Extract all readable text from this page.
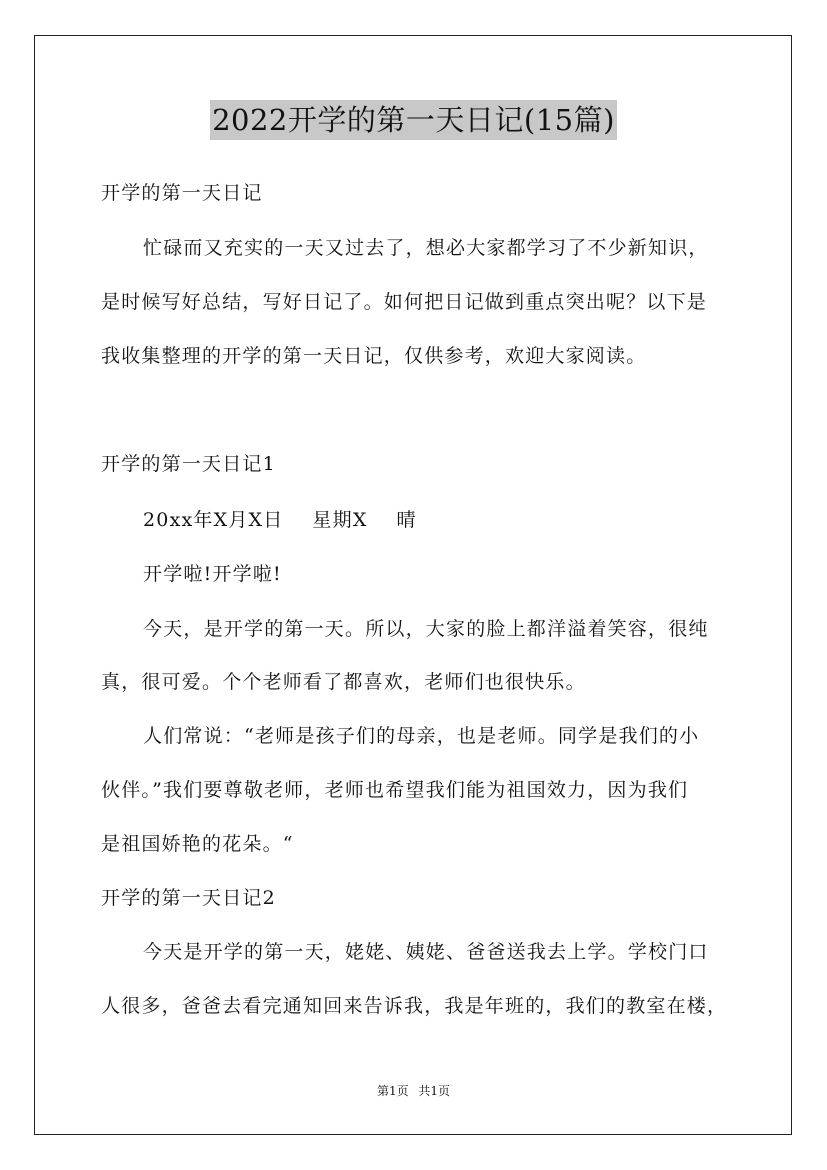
2022开学的第一天日记(15篇)
开学的第一天日记
忙碌而又充实的一天又过去了，想必大家都学习了不少新知识，
是时候写好总结，写好日记了。如何把日记做到重点突出呢？以下是
我收集整理的开学的第一天日记，仅供参考，欢迎大家阅读。
开学的第一天日记1
20xx年X月X日    星期X    晴
开学啦!开学啦!
今天，是开学的第一天。所以，大家的脸上都洋溢着笑容，很纯
真，很可爱。个个老师看了都喜欢，老师们也很快乐。
人们常说：“老师是孩子们的母亲，也是老师。同学是我们的小
伙伴。”我们要尊敬老师，老师也希望我们能为祖国效力，因为我们
是祖国娇艳的花朵。“
开学的第一天日记2
今天是开学的第一天，姥姥、姨姥、爸爸送我去上学。学校门口
人很多，爸爸去看完通知回来告诉我，我是年班的，我们的教室在楼，
第1页 共1页
